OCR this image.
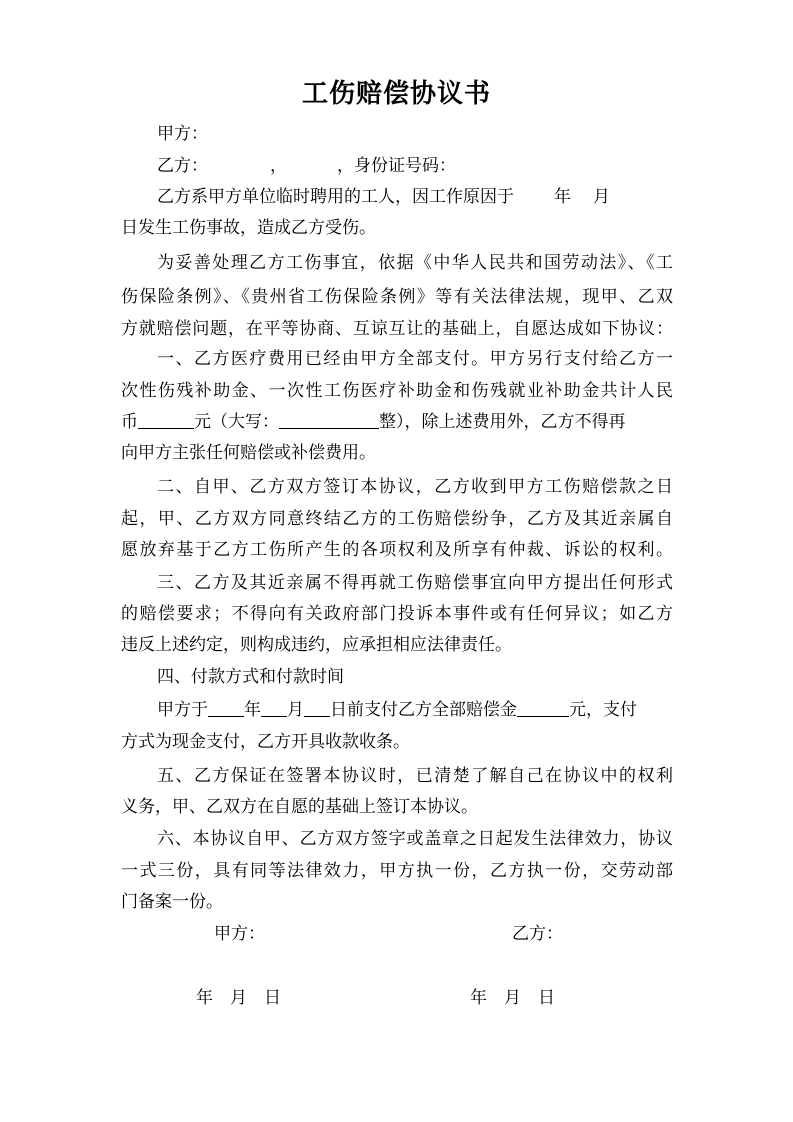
工伤赔偿协议书
甲方：
乙方：	，	，身份证号码：
乙方系甲方单位临时聘用的工人，因工作原因于 年 月
日发生工伤事故，造成乙方受伤。
为妥善处理乙方工伤事宜，依据《中华人民共和国劳动法》、《工
伤保险条例》、《贵州省工伤保险条例》等有关法律法规，现甲、乙双
方就赔偿问题，在平等协商、互谅互让的基础上，自愿达成如下协议：
一、乙方医疗费用已经由甲方全部支付。甲方另行支付给乙方一
次性伤残补助金、一次性工伤医疗补助金和伤残就业补助金共计人民
币	元（大写：	整），除上述费用外，乙方不得再
向甲方主张任何赔偿或补偿费用。
二、自甲、乙方双方签订本协议，乙方收到甲方工伤赔偿款之日
起，甲、乙方双方同意终结乙方的工伤赔偿纷争，乙方及其近亲属自
愿放弃基于乙方工伤所产生的各项权利及所享有仲裁、诉讼的权利。
三、乙方及其近亲属不得再就工伤赔偿事宜向甲方提出任何形式
的赔偿要求；不得向有关政府部门投诉本事件或有任何异议；如乙方
违反上述约定，则构成违约，应承担相应法律责任。
四、付款方式和付款时间
甲方于 年 月 日前支付乙方全部赔偿金	元，支付
方式为现金支付，乙方开具收款收条。
五、乙方保证在签署本协议时，已清楚了解自己在协议中的权利
义务，甲、乙双方在自愿的基础上签订本协议。
六、本协议自甲、乙方双方签字或盖章之日起发生法律效力，协议
一式三份，具有同等法律效力，甲方执一份，乙方执一份，交劳动部
门备案一份。
甲方：	乙方：
年　月　日	年　月　日
